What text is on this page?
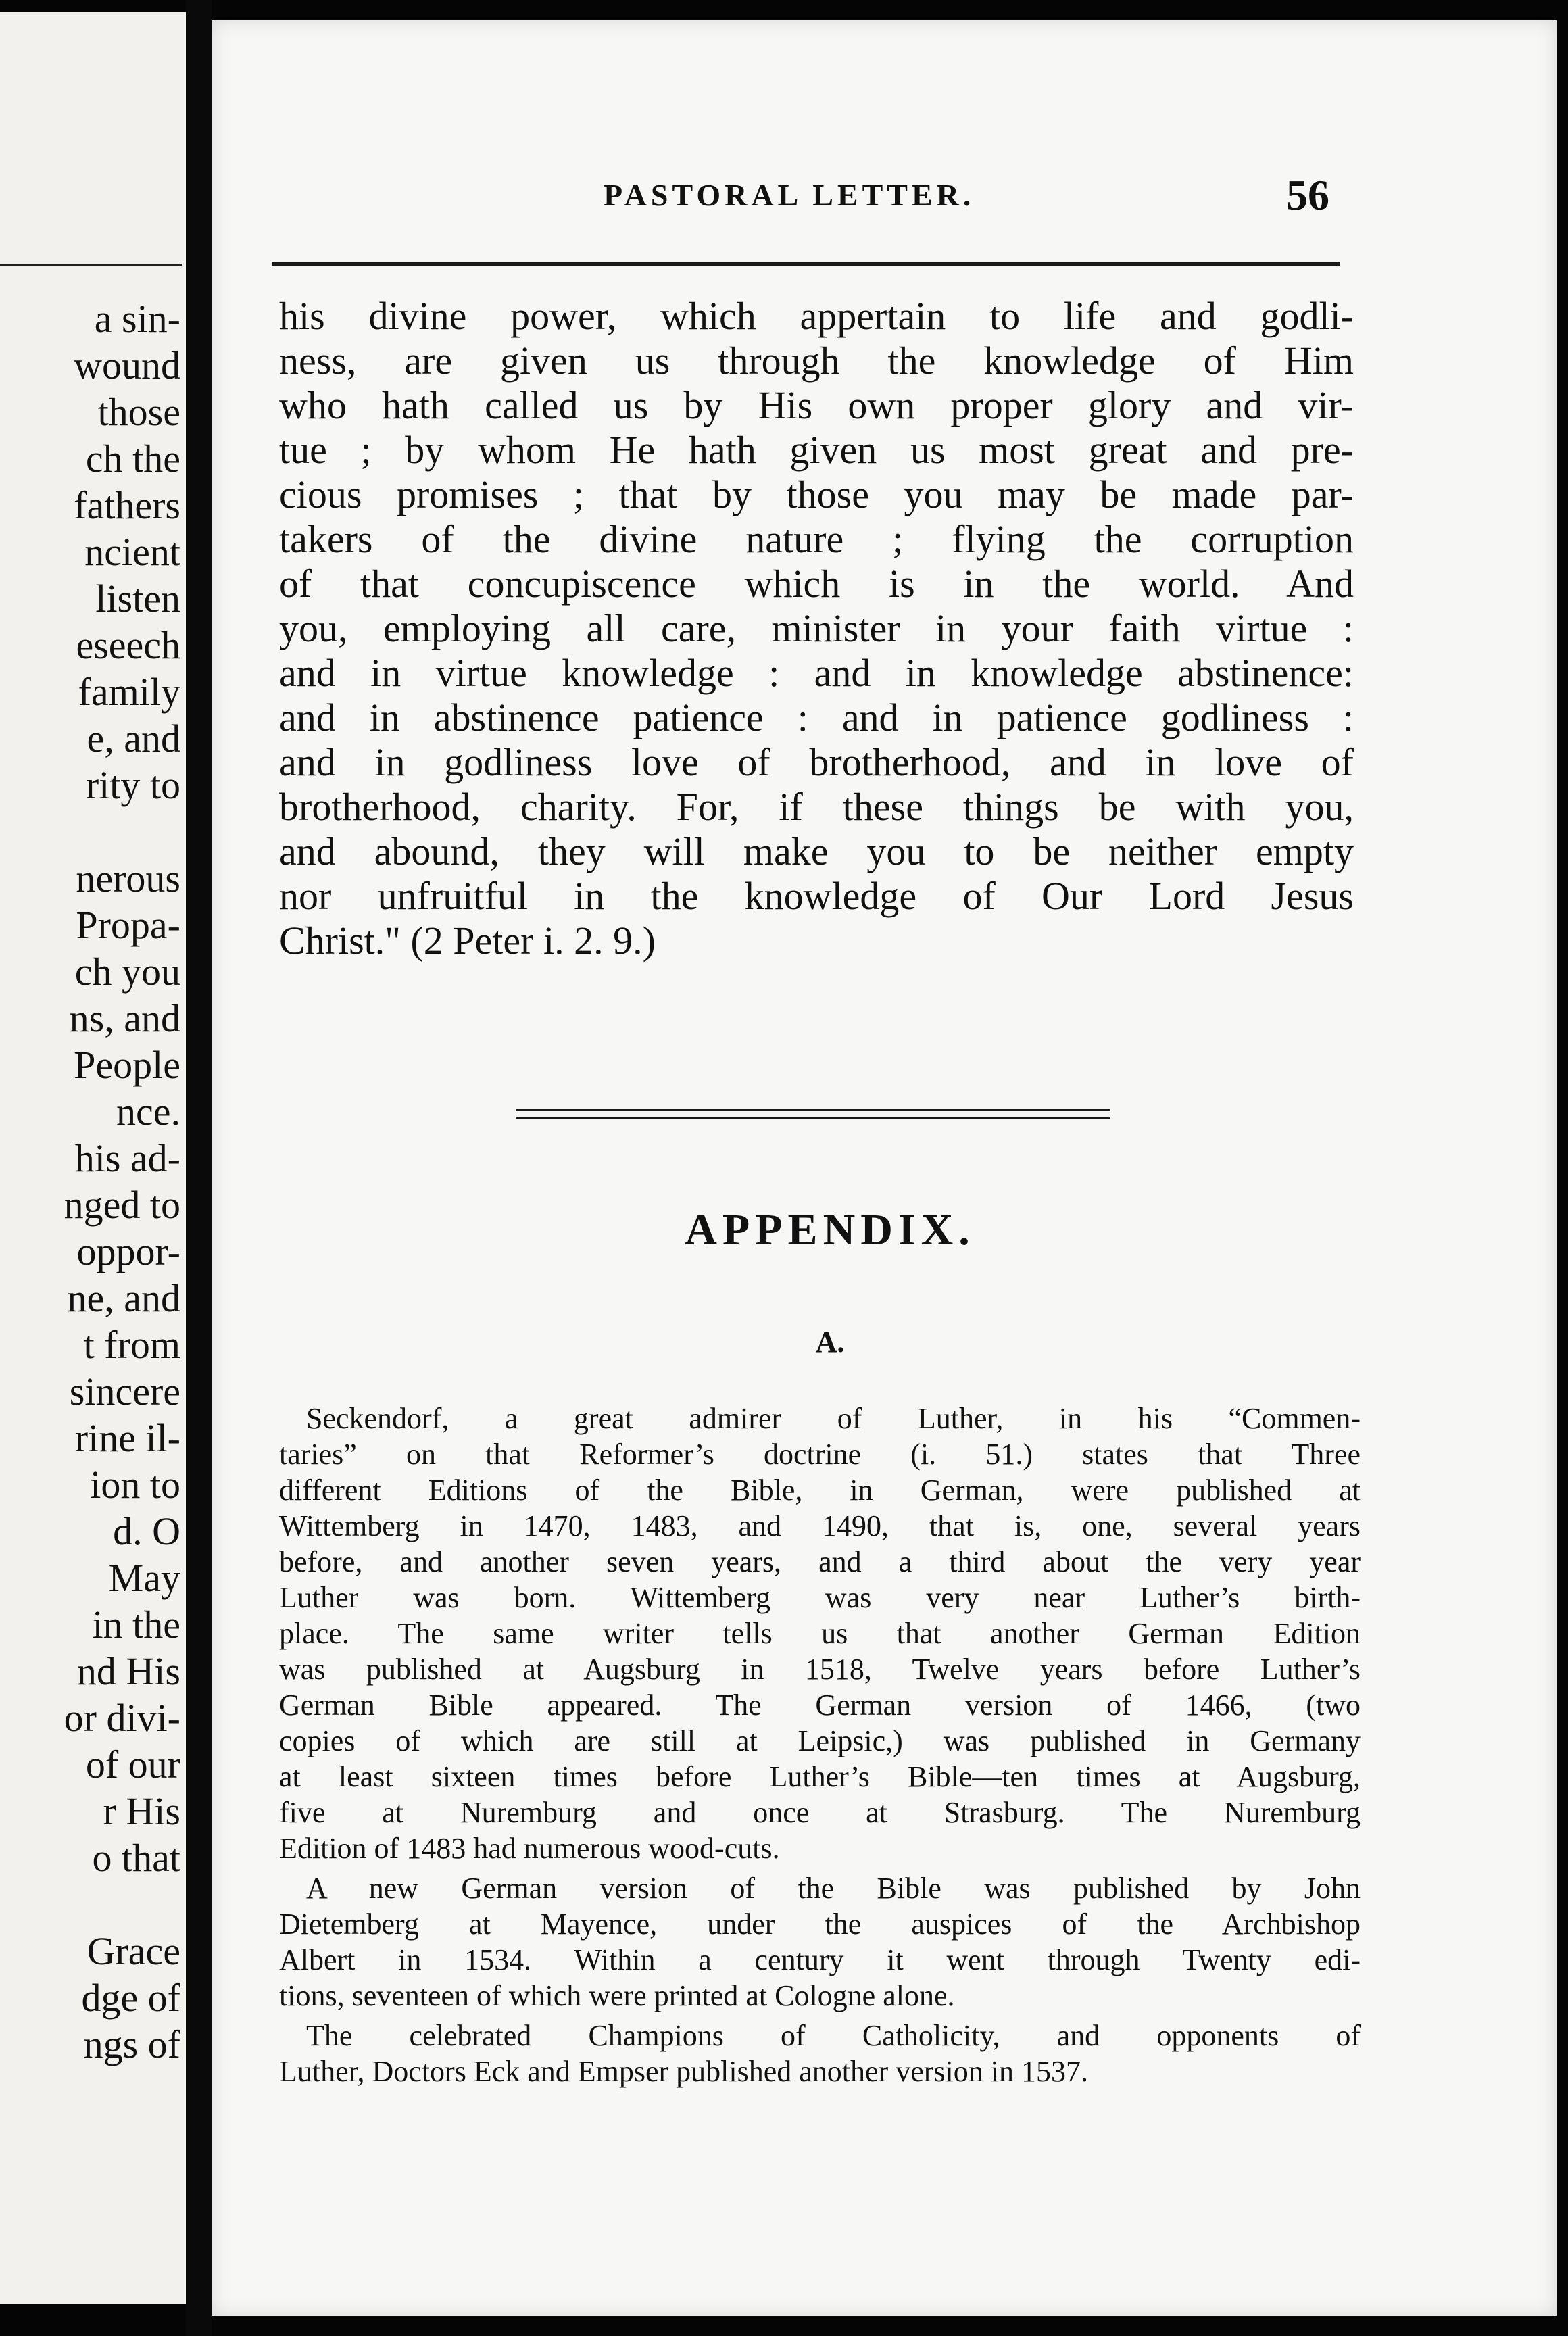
a sin-
wound
those
ch the
fathers
ncient
listen
eseech
family
e, and
rity to
nerous
Propa-
ch you
ns, and
People
nce.
his ad-
nged to
oppor-
ne, and
t from
sincere
rine il-
ion to
d. O
May
in the
nd His
or divi-
of our
r His
o that
Grace
dge of
ngs of
PASTORAL LETTER.	56
his divine power, which appertain to life and godli-
ness, are given us through the knowledge of Him
who hath called us by His own proper glory and vir-
tue ; by whom He hath given us most great and pre-
cious promises ; that by those you may be made par-
takers of the divine nature ; flying the corruption
of that concupiscence which is in the world. And
you, employing all care, minister in your faith virtue :
and in virtue knowledge : and in knowledge abstinence:
and in abstinence patience : and in patience godliness :
and in godliness love of brotherhood, and in love of
brotherhood, charity. For, if these things be with you,
and abound, they will make you to be neither empty
nor unfruitful in the knowledge of Our Lord Jesus
Christ." (2 Peter i. 2. 9.)
APPENDIX.
A.
Seckendorf, a great admirer of Luther, in his “Commen-
taries” on that Reformer’s doctrine (i. 51.) states that Three
different Editions of the Bible, in German, were published at
Wittemberg in 1470, 1483, and 1490, that is, one, several years
before, and another seven years, and a third about the very year
Luther was born. Wittemberg was very near Luther’s birth-
place. The same writer tells us that another German Edition
was published at Augsburg in 1518, Twelve years before Luther’s
German Bible appeared. The German version of 1466, (two
copies of which are still at Leipsic,) was published in Germany
at least sixteen times before Luther’s Bible—ten times at Augsburg,
five at Nuremburg and once at Strasburg. The Nuremburg
Edition of 1483 had numerous wood-cuts.
A new German version of the Bible was published by John
Dietemberg at Mayence, under the auspices of the Archbishop
Albert in 1534. Within a century it went through Twenty edi-
tions, seventeen of which were printed at Cologne alone.
The celebrated Champions of Catholicity, and opponents of
Luther, Doctors Eck and Empser published another version in 1537.
